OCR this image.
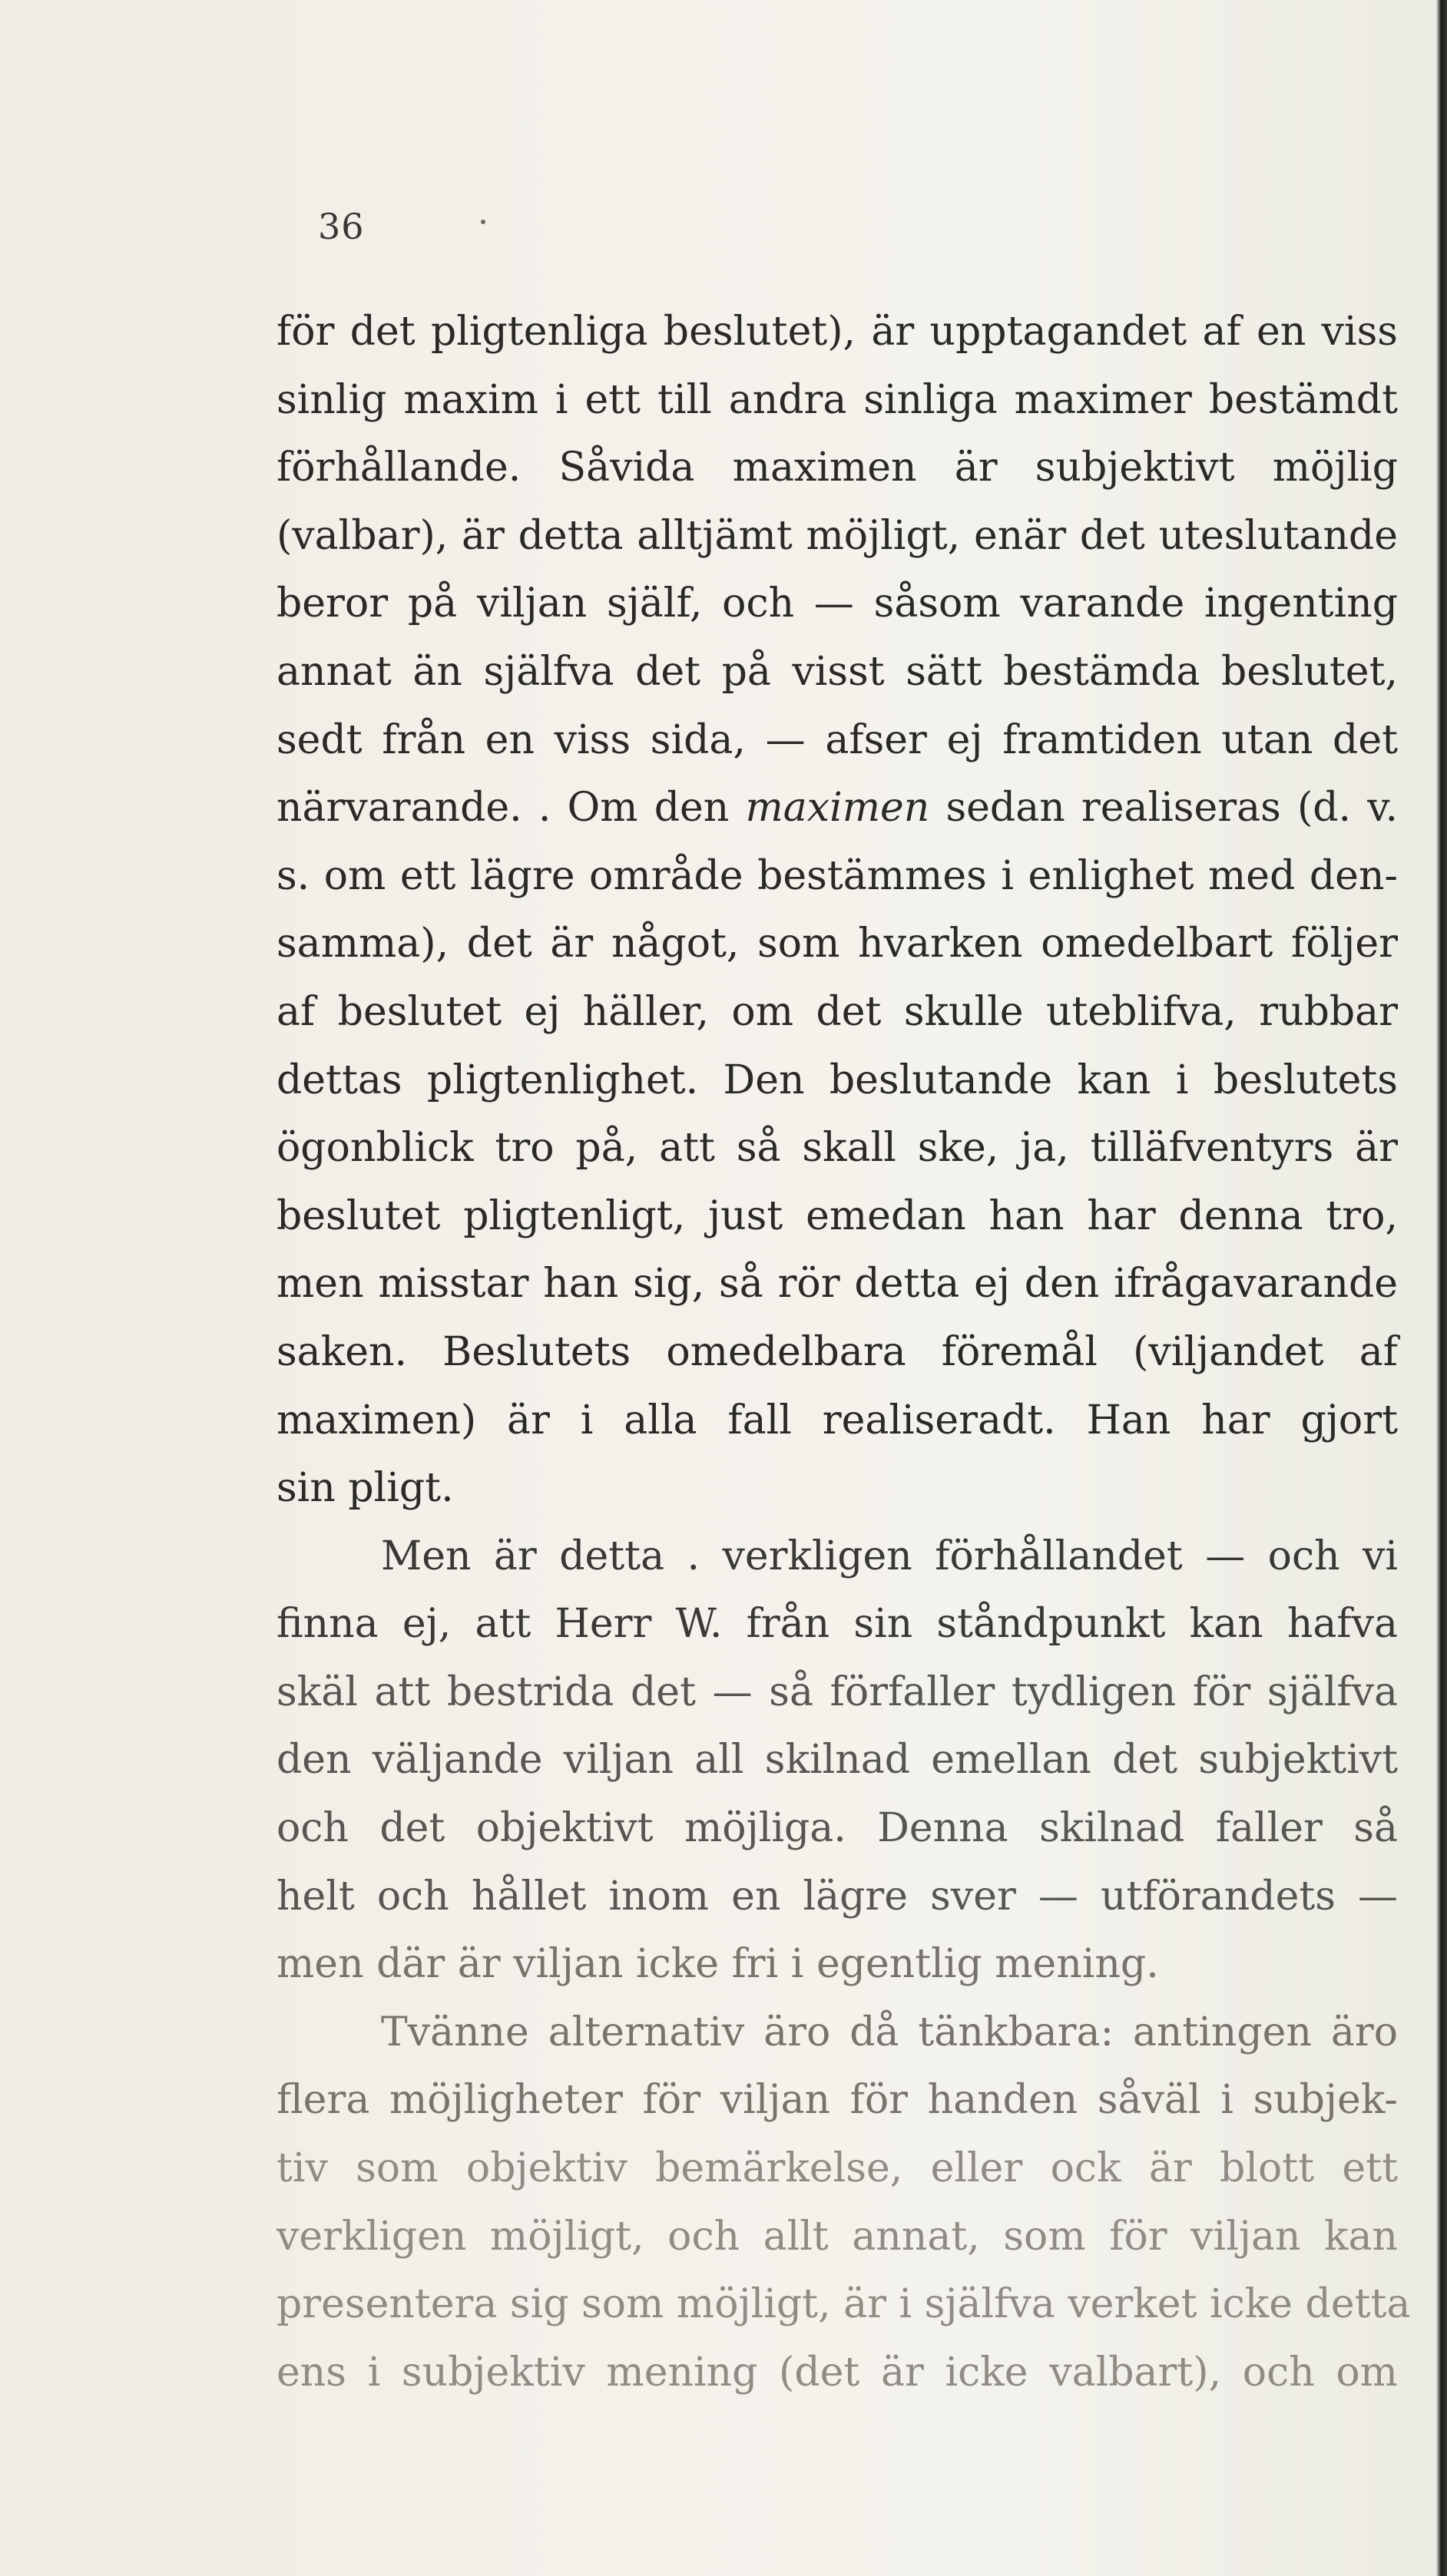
36
för det pligtenliga beslutet), är upptagandet af en viss
sinlig maxim i ett till andra sinliga maximer bestämdt
förhållande. Såvida maximen är subjektivt möjlig
(valbar), är detta alltjämt möjligt, enär det uteslutande
beror på viljan själf, och — såsom varande ingenting
annat än själfva det på visst sätt bestämda beslutet,
sedt från en viss sida, — afser ej framtiden utan det
närvarande. . Om den maximen sedan realiseras (d. v.
s. om ett lägre område bestämmes i enlighet med den-
samma), det är något, som hvarken omedelbart följer
af beslutet ej häller, om det skulle uteblifva, rubbar
dettas pligtenlighet. Den beslutande kan i beslutets
ögonblick tro på, att så skall ske, ja, tilläfventyrs är
beslutet pligtenligt, just emedan han har denna tro,
men misstar han sig, så rör detta ej den ifrågavarande
saken. Beslutets omedelbara föremål (viljandet af
maximen) är i alla fall realiseradt. Han har gjort
sin pligt.
Men är detta . verkligen förhållandet — och vi
finna ej, att Herr W. från sin ståndpunkt kan hafva
skäl att bestrida det — så förfaller tydligen för själfva
den väljande viljan all skilnad emellan det subjektivt
och det objektivt möjliga. Denna skilnad faller så
helt och hållet inom en lägre sver — utförandets —
men där är viljan icke fri i egentlig mening.
Tvänne alternativ äro då tänkbara: antingen äro
flera möjligheter för viljan för handen såväl i subjek-
tiv som objektiv bemärkelse, eller ock är blott ett
verkligen möjligt, och allt annat, som för viljan kan
presentera sig som möjligt, är i själfva verket icke detta
ens i subjektiv mening (det är icke valbart), och om
